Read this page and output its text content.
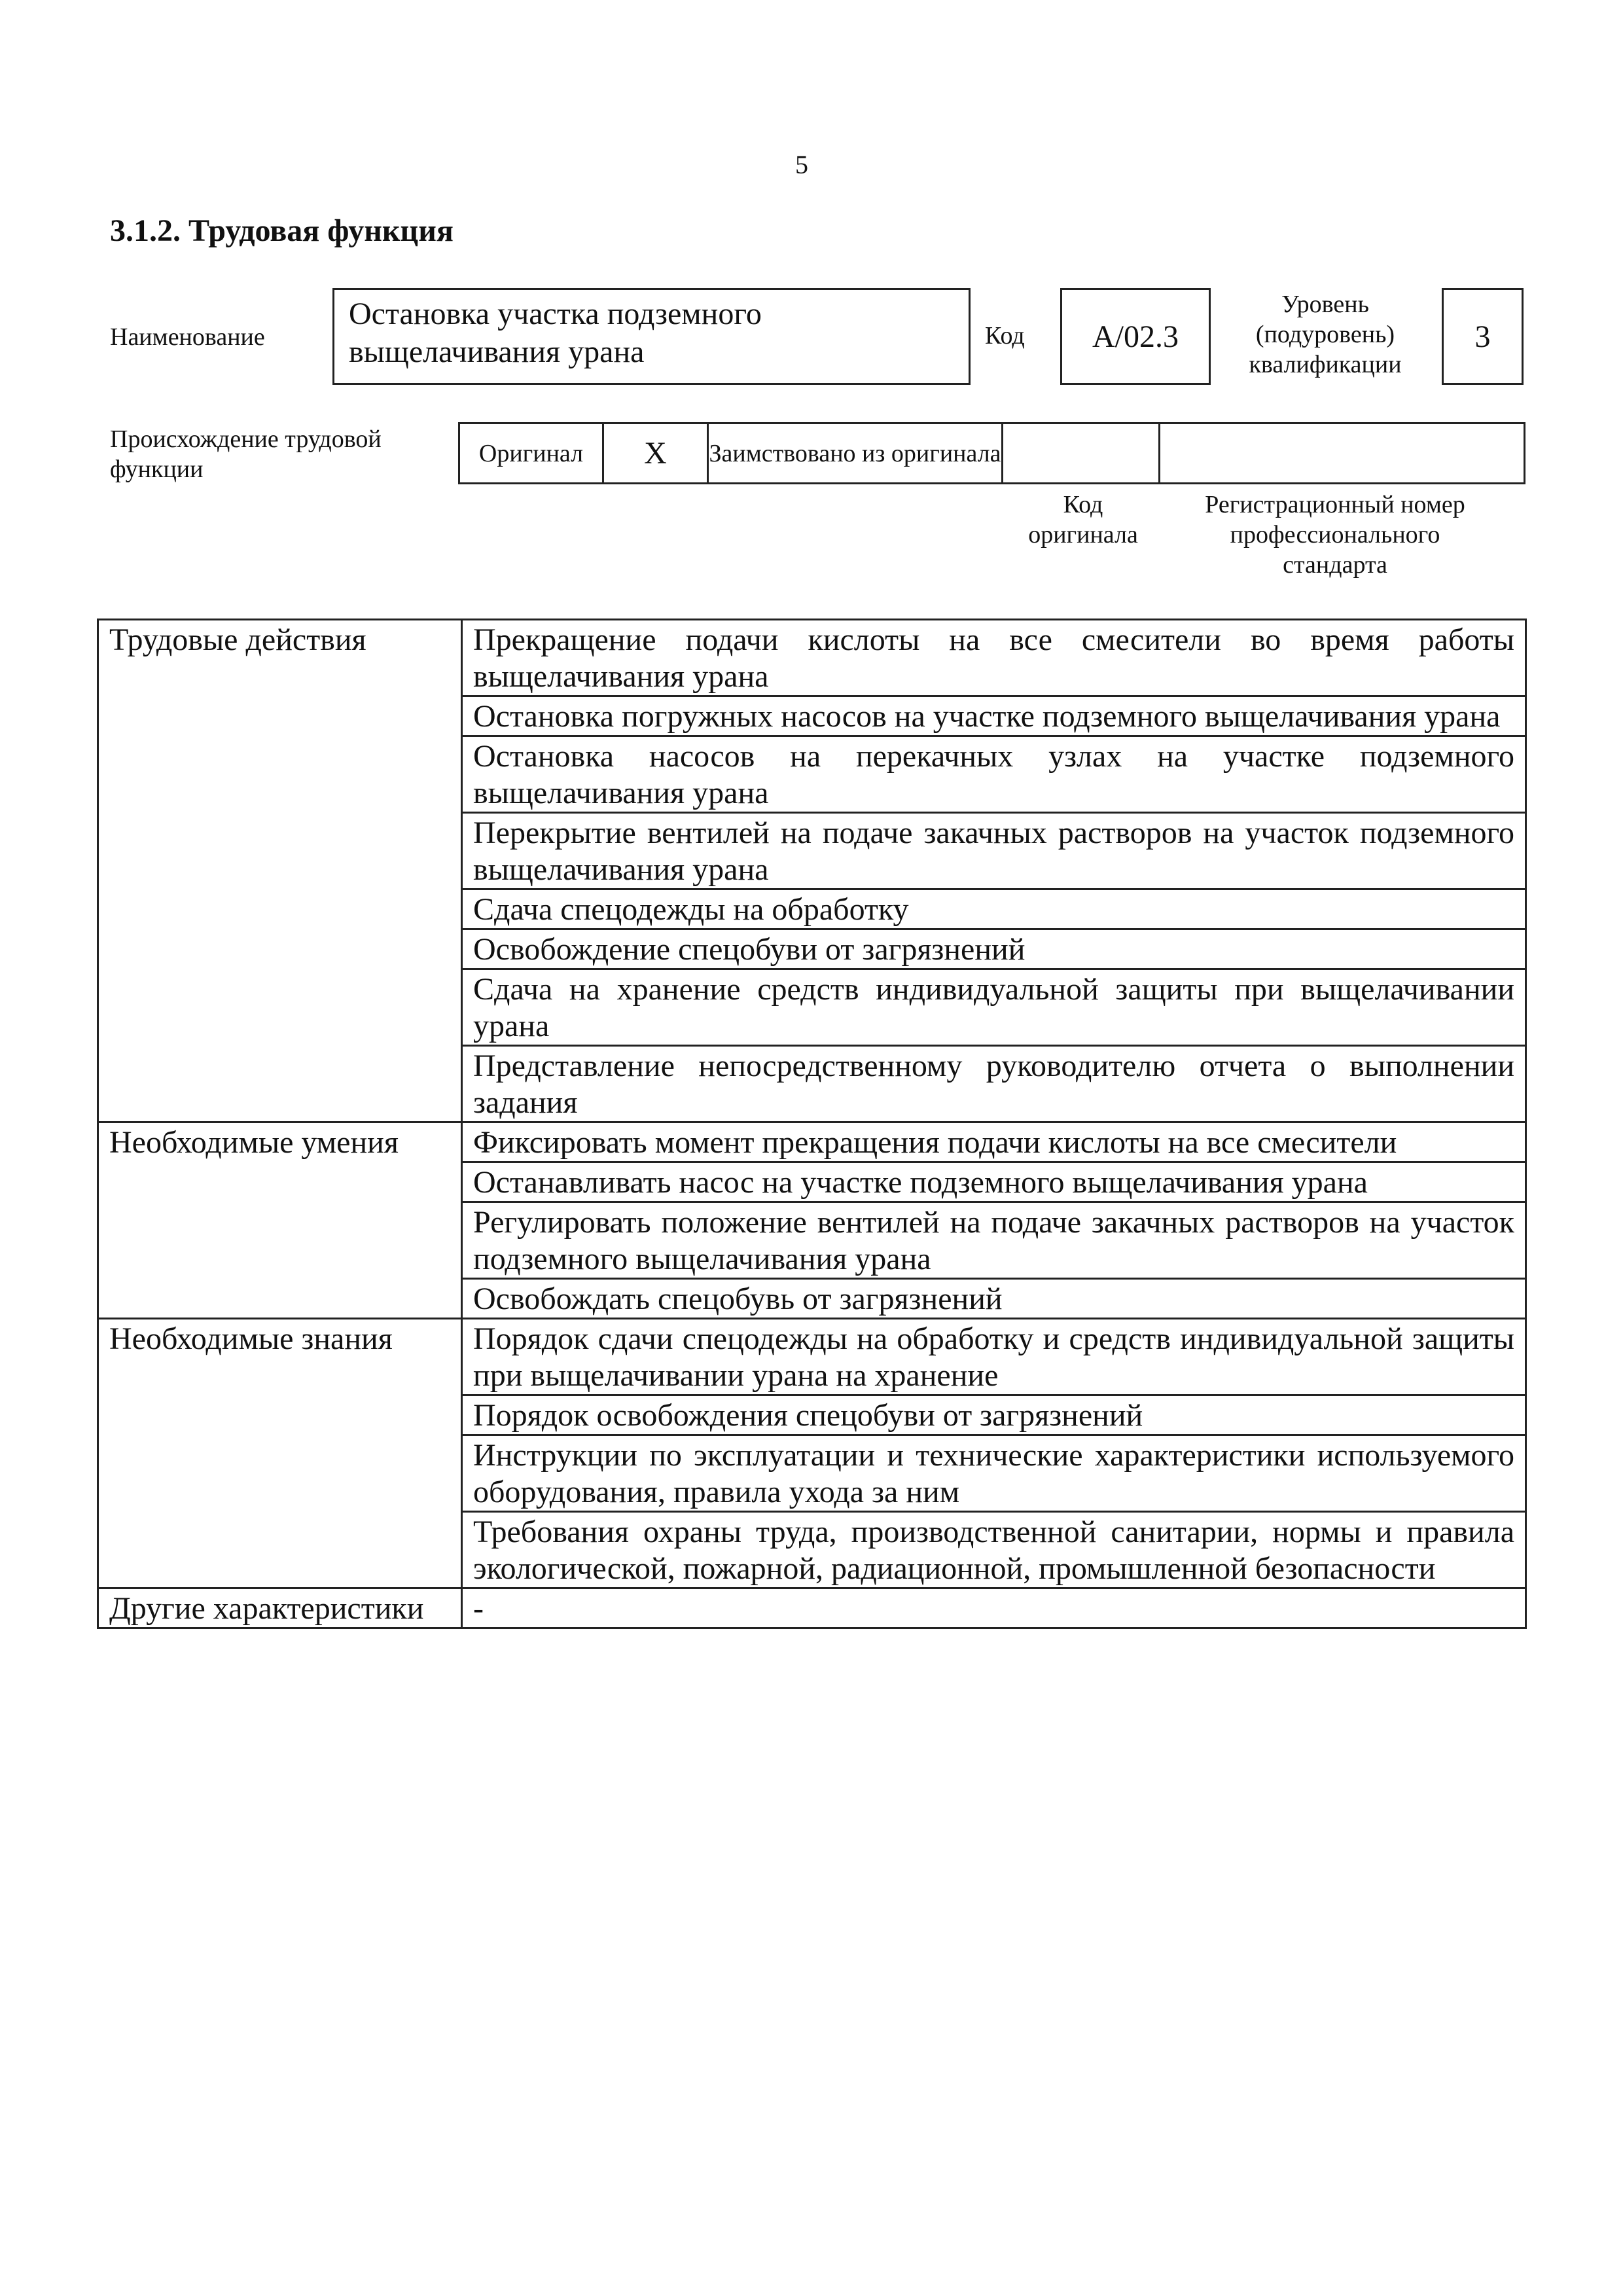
5
3.1.2. Трудовая функция
Наименование
Остановка участка подземного выщелачивания урана	Код	А/02.3
Уровень (подуровень) квалификации
3
Происхождение трудовой функции
Оригинал	X	Заимствовано из оригинала		
Код оригинала
Регистрационный номер профессионального стандарта
Трудовые действия	Прекращение подачи кислоты на все смесители во время работы выщелачивания урана
	Остановка погружных насосов на участке подземного выщелачивания урана
	Остановка насосов на перекачных узлах на участке подземного выщелачивания урана
	Перекрытие вентилей на подаче закачных растворов на участок подземного выщелачивания урана
	Сдача спецодежды на обработку
	Освобождение спецобуви от загрязнений
	Сдача на хранение средств индивидуальной защиты при выщелачивании урана
	Представление непосредственному руководителю отчета о выполнении задания
Необходимые умения	Фиксировать момент прекращения подачи кислоты на все смесители
	Останавливать насос на участке подземного выщелачивания урана
	Регулировать положение вентилей на подаче закачных растворов на участок подземного выщелачивания урана
	Освобождать спецобувь от загрязнений
Необходимые знания	Порядок сдачи спецодежды на обработку и средств индивидуальной защиты при выщелачивании урана на хранение
	Порядок освобождения спецобуви от загрязнений
	Инструкции по эксплуатации и технические характеристики используемого оборудования, правила ухода за ним
	Требования охраны труда, производственной санитарии, нормы и правила экологической, пожарной, радиационной, промышленной безопасности
Другие характеристики	-
